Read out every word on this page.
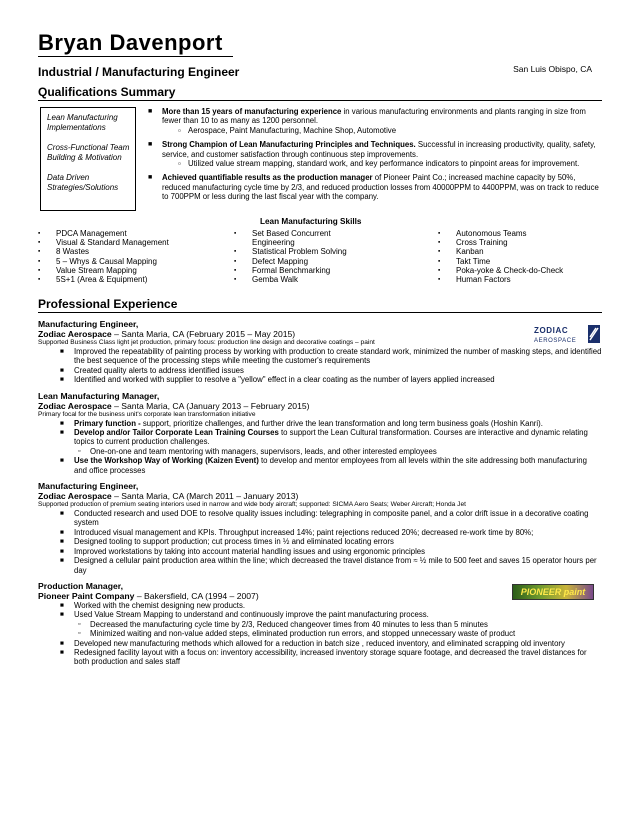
Bryan Davenport
Industrial / Manufacturing Engineer	San Luis Obispo, CA
Qualifications Summary
Lean Manufacturing Implementations
Cross-Functional Team Building & Motivation
Data Driven Strategies/Solutions
■ More than 15 years of manufacturing experience in various manufacturing environments and plants ranging in size from fewer than 10 to as many as 1200 personnel.
▫ Aerospace, Paint Manufacturing, Machine Shop, Automotive
■ Strong Champion of Lean Manufacturing Principles and Techniques. Successful in increasing productivity, quality, safety, service, and customer satisfaction through continuous step improvements.
▫ Utilized value stream mapping, standard work, and key performance indicators to pinpoint areas for improvement.
■ Achieved quantifiable results as the production manager of Pioneer Paint Co.; increased machine capacity by 50%, reduced manufacturing cycle time by 2/3, and reduced production losses from 40000PPM to 4400PPM, was on track to reduce to 700PPM or less during the last fiscal year with the company.
Lean Manufacturing Skills
▪ PDCA Management
▪ Visual & Standard Management
▪ 8 Wastes
▪ 5 – Whys & Causal Mapping
▪ Value Stream Mapping
▪ 5S+1 (Area & Equipment)
▪ Set Based Concurrent
Engineering
▪ Statistical Problem Solving
▪ Defect Mapping
▪ Formal Benchmarking
▪ Gemba Walk
▪ Autonomous Teams
▪ Cross Training
▪ Kanban
▪ Takt Time
▪ Poka-yoke & Check-do-Check
▪ Human Factors
Professional Experience
ZODIAC
AEROSPACE
Manufacturing Engineer,
Zodiac Aerospace – Santa Maria, CA (February 2015 – May 2015)
Supported Business Class light jet production, primary focus: production line design and decorative coatings – paint
■ Improved the repeatability of painting process by working with production to create standard work, minimized the number of masking steps, and identified the best sequence of the processing steps while meeting the customer's requirements
■ Created quality alerts to address identified issues
■ Identified and worked with supplier to resolve a "yellow" effect in a clear coating as the number of layers applied increased
Lean Manufacturing Manager,
Zodiac Aerospace – Santa Maria, CA (January 2013 – February 2015)
Primary focal for the business unit's corporate lean transformation initiative
■ Primary function - support, prioritize challenges, and further drive the lean transformation and long term business goals (Hoshin Kanri).
■ Develop and/or Tailor Corporate Lean Training Courses to support the Lean Cultural transformation. Courses are interactive and dynamic relating topics to current production challenges.
▫ One-on-one and team mentoring with managers, supervisors, leads, and other interested employees
■ Use the Workshop Way of Working (Kaizen Event) to develop and mentor employees from all levels within the site addressing both manufacturing and office processes
Manufacturing Engineer,
Zodiac Aerospace – Santa Maria, CA (March 2011 – January 2013)
Supported production of premium seating interiors used in narrow and wide body aircraft; supported: SICMA Aero Seats; Weber Aircraft; Honda Jet
■ Conducted research and used DOE to resolve quality issues including: telegraphing in composite panel, and a color drift issue in a decorative coating system
■ Introduced visual management and KPIs. Throughput increased 14%; paint rejections reduced 20%; decreased re-work time by 80%;
■ Designed tooling to support production; cut process times in ½ and eliminated locating errors
■ Improved workstations by taking into account material handling issues and using ergonomic principles
■ Designed a cellular paint production area within the line; which decreased the travel distance from ≈ ½ mile to 500 feet and saves 15 operator hours per day
PIONEER paint
Production Manager,
Pioneer Paint Company – Bakersfield, CA (1994 – 2007)
■ Worked with the chemist designing new products.
■ Used Value Stream Mapping to understand and continuously improve the paint manufacturing process.
▫ Decreased the manufacturing cycle time by 2/3, Reduced changeover times from 40 minutes to less than 5 minutes
▫ Minimized waiting and non-value added steps, eliminated production run errors, and stopped unnecessary waste of product
■ Developed new manufacturing methods which allowed for a reduction in batch size , reduced inventory, and eliminated scrapping old inventory
■ Redesigned facility layout with a focus on: inventory accessibility, increased inventory storage square footage, and decreased the travel distances for both production and sales staff
